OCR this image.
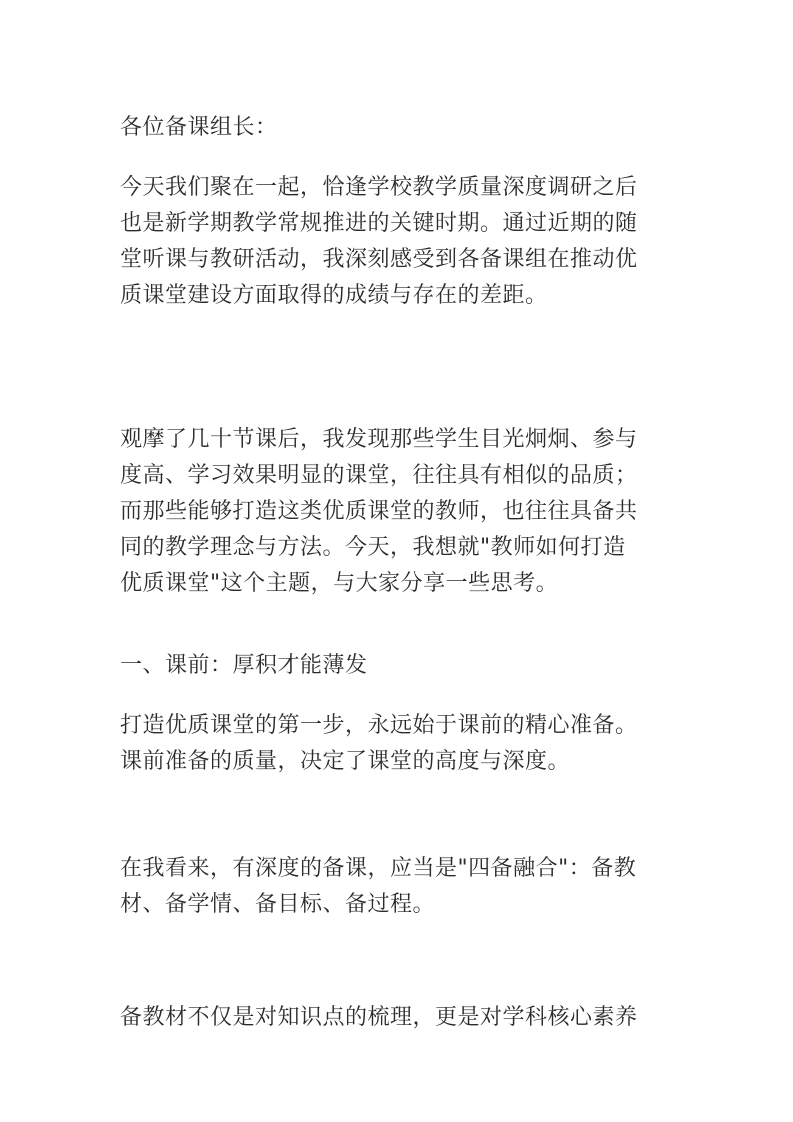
各位备课组长：

今天我们聚在一起，恰逢学校教学质量深度调研之后
也是新学期教学常规推进的关键时期。通过近期的随
堂听课与教研活动，我深刻感受到各备课组在推动优
质课堂建设方面取得的成绩与存在的差距。

观摩了几十节课后，我发现那些学生目光炯炯、参与
度高、学习效果明显的课堂，往往具有相似的品质；
而那些能够打造这类优质课堂的教师，也往往具备共
同的教学理念与方法。今天，我想就"教师如何打造
优质课堂"这个主题，与大家分享一些思考。

一、课前：厚积才能薄发

打造优质课堂的第一步，永远始于课前的精心准备。
课前准备的质量，决定了课堂的高度与深度。

在我看来，有深度的备课，应当是"四备融合"：备教
材、备学情、备目标、备过程。

备教材不仅是对知识点的梳理，更是对学科核心素养
